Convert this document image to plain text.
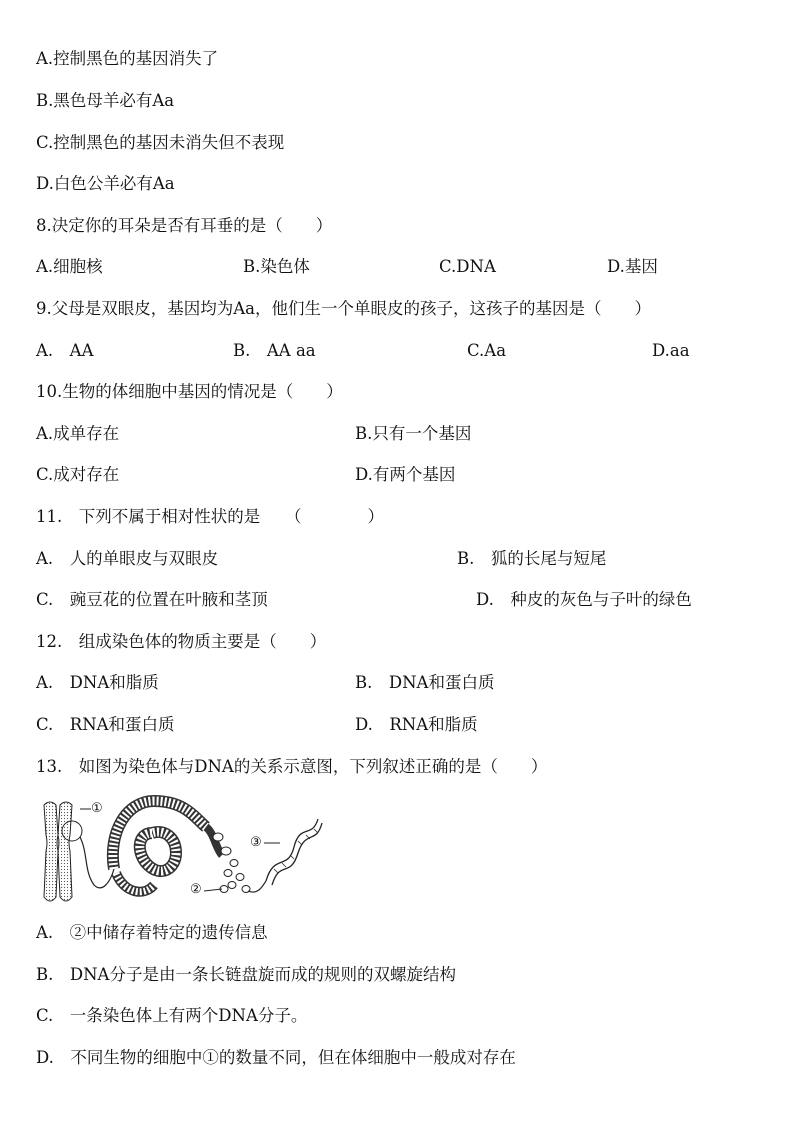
A.控制黑色的基因消失了
B.黑色母羊必有Aa
C.控制黑色的基因未消失但不表现
D.白色公羊必有Aa
8.决定你的耳朵是否有耳垂的是（　　）
A.细胞核	B.染色体	C.DNA	D.基因
9.父母是双眼皮，基因均为Aa，他们生一个单眼皮的孩子，这孩子的基因是（　　）
A.　AA	B.　AA aa	C.Aa	D.aa
10.生物的体细胞中基因的情况是（　　）
A.成单存在	B.只有一个基因
C.成对存在	D.有两个基因
11.　下列不属于相对性状的是　　（　　　　）
A.　人的单眼皮与双眼皮	B.　狐的长尾与短尾
C.　豌豆花的位置在叶腋和茎顶	D.　种皮的灰色与子叶的绿色
12.　组成染色体的物质主要是（　　）
A.　DNA和脂质	B.　DNA和蛋白质
C.　RNA和蛋白质	D.　RNA和脂质
13.　如图为染色体与DNA的关系示意图，下列叙述正确的是（　　）
①
②
③
A.　②中储存着特定的遗传信息
B.　DNA分子是由一条长链盘旋而成的规则的双螺旋结构
C.　一条染色体上有两个DNA分子。
D.　不同生物的细胞中①的数量不同，但在体细胞中一般成对存在
